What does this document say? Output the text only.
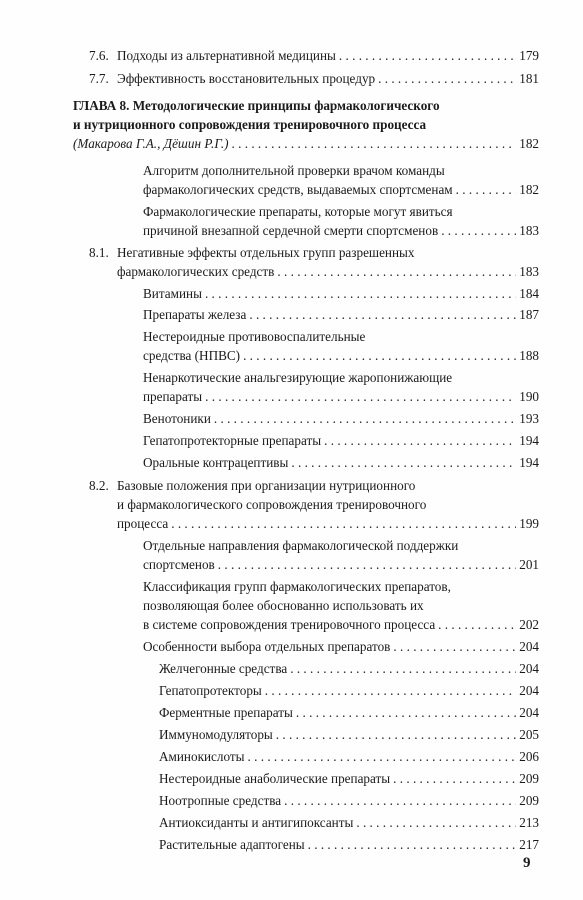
7.6. Подходы из альтернативной медицины . . .	179
7.7. Эффективность восстановительных процедур . . .	181
ГЛАВА 8. Методологические принципы фармакологического
и нутриционного сопровождения тренировочного процесса
(Макарова Г.А., Дёшин Р.Г.) . . .	182
Алгоритм дополнительной проверки врачом команды
фармакологических средств, выдаваемых спортсменам . . .	182
Фармакологические препараты, которые могут явиться
причиной внезапной сердечной смерти спортсменов . . .	183
8.1. Негативные эффекты отдельных групп разрешенных
фармакологических средств . . .	183
Витамины . . .	184
Препараты железа . . .	187
Нестероидные противовоспалительные
средства (НПВС) . . .	188
Ненаркотические анальгезирующие жаропонижающие
препараты . . .	190
Венотоники . . .	193
Гепатопротекторные препараты . . .	194
Оральные контрацептивы . . .	194
8.2. Базовые положения при организации нутриционного
и фармакологического сопровождения тренировочного
процесса . . .	199
Отдельные направления фармакологической поддержки
спортсменов . . .	201
Классификация групп фармакологических препаратов,
позволяющая более обоснованно использовать их
в системе сопровождения тренировочного процесса . . .	202
Особенности выбора отдельных препаратов . . .	204
Желчегонные средства . . .	204
Гепатопротекторы . . .	204
Ферментные препараты . . .	204
Иммуномодуляторы . . .	205
Аминокислоты . . .	206
Нестероидные анаболические препараты . . .	209
Ноотропные средства . . .	209
Антиоксиданты и антигипоксанты . . .	213
Растительные адаптогены . . .	217
9
